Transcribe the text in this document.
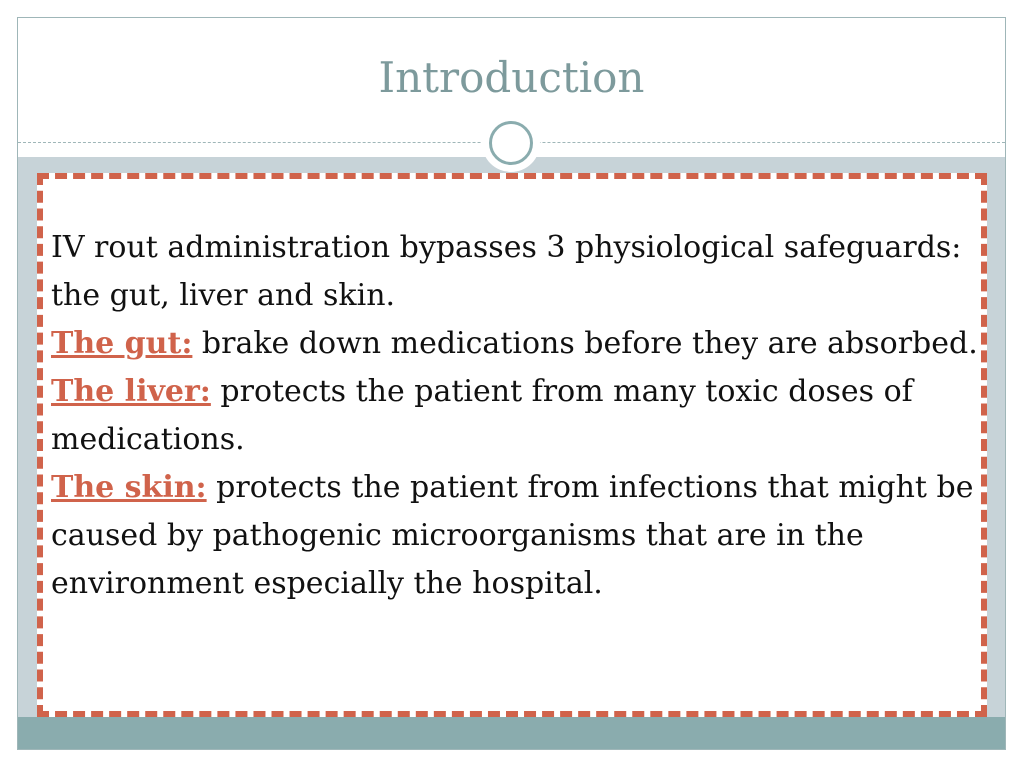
Introduction

IV rout administration bypasses 3 physiological safeguards: the gut, liver and skin.

The gut: brake down medications before they are absorbed.

The liver: protects the patient from many toxic doses of medications.

The skin: protects the patient from infections that might be caused by pathogenic microorganisms that are in the environment especially the hospital.
